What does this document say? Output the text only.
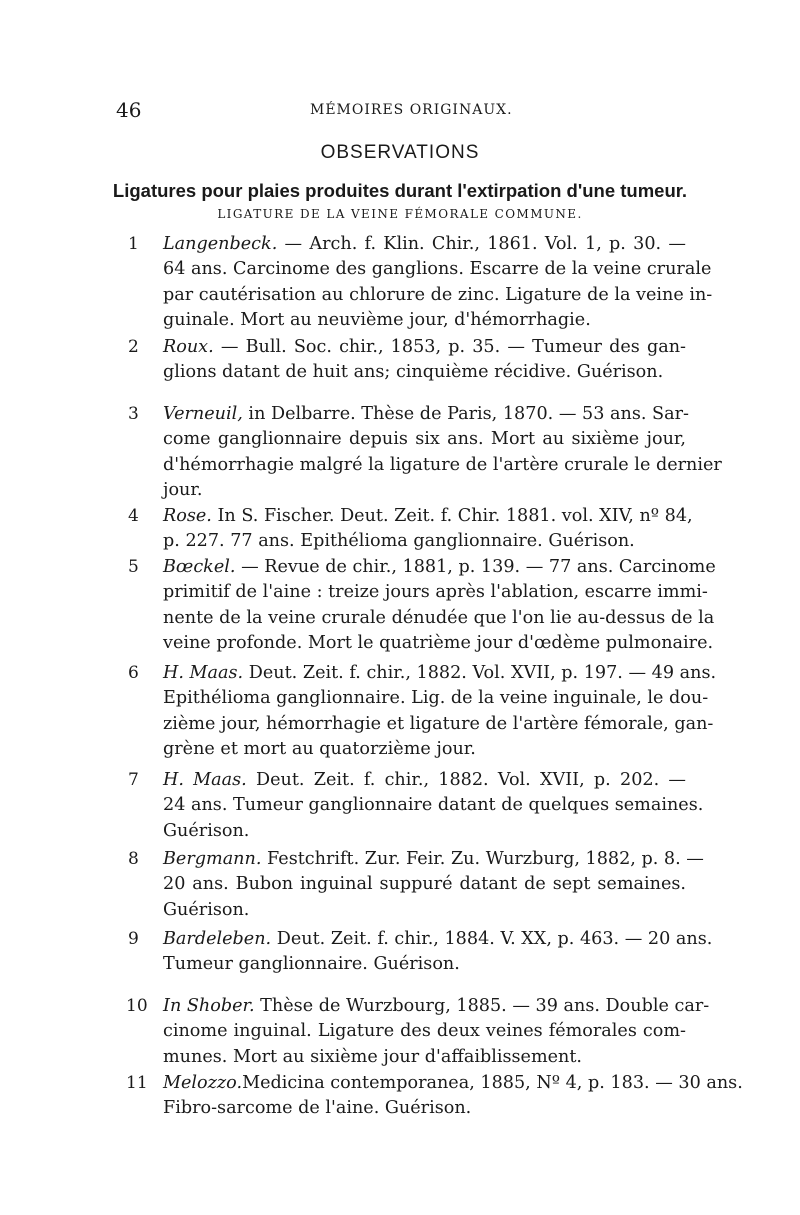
46	MÉMOIRES ORIGINAUX.
OBSERVATIONS
Ligatures pour plaies produites durant l'extirpation d'une tumeur.
LIGATURE DE LA VEINE FÉMORALE COMMUNE.
1	Langenbeck. — Arch. f. Klin. Chir., 1861. Vol. 1, p. 30. —
64 ans. Carcinome des ganglions. Escarre de la veine crurale
par cautérisation au chlorure de zinc. Ligature de la veine in-
guinale. Mort au neuvième jour, d'hémorrhagie.
2	Roux. — Bull. Soc. chir., 1853, p. 35. — Tumeur des gan-
glions datant de huit ans; cinquième récidive. Guérison.
3	Verneuil, in Delbarre. Thèse de Paris, 1870. — 53 ans. Sar-
come ganglionnaire depuis six ans. Mort au sixième jour,
d'hémorrhagie malgré la ligature de l'artère crurale le dernier
jour.
4	Rose. In S. Fischer. Deut. Zeit. f. Chir. 1881. vol. XIV, nº 84,
p. 227. 77 ans. Epithélioma ganglionnaire. Guérison.
5	Bœckel. — Revue de chir., 1881, p. 139. — 77 ans. Carcinome
primitif de l'aine : treize jours après l'ablation, escarre immi-
nente de la veine crurale dénudée que l'on lie au-dessus de la
veine profonde. Mort le quatrième jour d'œdème pulmonaire.
6	H. Maas. Deut. Zeit. f. chir., 1882. Vol. XVII, p. 197. — 49 ans.
Epithélioma ganglionnaire. Lig. de la veine inguinale, le dou-
zième jour, hémorrhagie et ligature de l'artère fémorale, gan-
grène et mort au quatorzième jour.
7	H. Maas. Deut. Zeit. f. chir., 1882. Vol. XVII, p. 202. —
24 ans. Tumeur ganglionnaire datant de quelques semaines.
Guérison.
8	Bergmann. Festchrift. Zur. Feir. Zu. Wurzburg, 1882, p. 8. —
20 ans. Bubon inguinal suppuré datant de sept semaines.
Guérison.
9	Bardeleben. Deut. Zeit. f. chir., 1884. V. XX, p. 463. — 20 ans.
Tumeur ganglionnaire. Guérison.
10 In Shober. Thèse de Wurzbourg, 1885. — 39 ans. Double car-
cinome inguinal. Ligature des deux veines fémorales com-
munes. Mort au sixième jour d'affaiblissement.
11 Melozzo.Medicina contemporanea, 1885, Nº 4, p. 183. — 30 ans.
Fibro-sarcome de l'aine. Guérison.
